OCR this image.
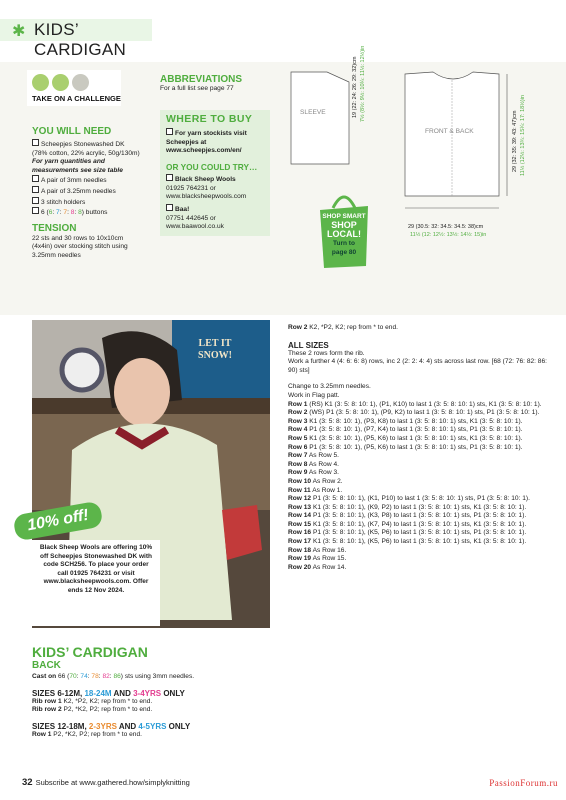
✱ KIDS’ CARDIGAN
TAKE ON A CHALLENGE
YOU WILL NEED
Scheepjes Stonewashed DK
(78% cotton, 22% acrylic, 50g/130m)
For yarn quantities and measurements see size table
A pair of 3mm needles
A pair of 3.25mm needles
3 stitch holders
6 (6: 7: 7: 8: 8) buttons
TENSION
22 sts and 30 rows to 10x10cm (4x4in) over stocking stitch using 3.25mm needles
ABBREVIATIONS
For a full list see page 77
WHERE TO BUY
For yarn stockists visit Scheepjes at www.scheepjes.com/en/
OR YOU COULD TRY…
Black Sheep Wools
01925 764231 or www.blacksheepwools.com
Baa!
07751 442645 or www.baawool.co.uk
SHOP SMART
SHOP
LOCAL!
Turn to
page 80
SLEEVE
FRONT & BACK
19 (22: 24: 26: 29: 32)cm 7½ (8½: 9½: 10¼: 11½: 12½)in
29 (32: 35: 39: 43: 47)cm 11½ (12½: 13¾: 15¼: 17: 18½)in
29 (30.5: 32: 34.5: 34.5: 38)cm
11½ (12: 12½: 13½: 14½: 15)in
LET IT
SNOW!
10% off!
Black Sheep Wools are offering 10% off Scheepjes Stonewashed DK with code SCH256. To place your order call 01925 764231 or visit www.blacksheepwools.com. Offer ends 12 Nov 2024.
KIDS’ CARDIGAN
BACK
Cast on 66 (70: 74: 78: 82: 86) sts using 3mm needles.
SIZES 6-12M, 18-24M AND 3-4YRS ONLY
Rib row 1 K2, *P2, K2; rep from * to end.
Rib row 2 P2, *K2, P2; rep from * to end.
SIZES 12-18M, 2-3YRS AND 4-5YRS ONLY
Row 1 P2, *K2, P2; rep from * to end.
Row 2 K2, *P2, K2; rep from * to end.
ALL SIZES
These 2 rows form the rib.
Work a further 4 (4: 6: 6: 8) rows, inc 2 (2: 2: 4: 4) sts across last row. [68 (72: 76: 82: 86: 90) sts]
Change to 3.25mm needles.
Work in Flag patt.
Row 1 (RS) K1 (3: 5: 8: 10: 1), (P1, K10) to last 1 (3: 5: 8: 10: 1) sts, K1 (3: 5: 8: 10: 1).
Row 2 (WS) P1 (3: 5: 8: 10: 1), (P9, K2) to last 1 (3: 5: 8: 10: 1) sts, P1 (3: 5: 8: 10: 1).
Row 3 K1 (3: 5: 8: 10: 1), (P3, K8) to last 1 (3: 5: 8: 10: 1) sts, K1 (3: 5: 8: 10: 1).
Row 4 P1 (3: 5: 8: 10: 1), (P7, K4) to last 1 (3: 5: 8: 10: 1) sts, P1 (3: 5: 8: 10: 1).
Row 5 K1 (3: 5: 8: 10: 1), (P5, K6) to last 1 (3: 5: 8: 10: 1) sts, K1 (3: 5: 8: 10: 1).
Row 6 P1 (3: 5: 8: 10: 1), (P5, K6) to last 1 (3: 5: 8: 10: 1) sts, P1 (3: 5: 8: 10: 1).
Row 7 As Row 5.
Row 8 As Row 4.
Row 9 As Row 3.
Row 10 As Row 2.
Row 11 As Row 1.
Row 12 P1 (3: 5: 8: 10: 1), (K1, P10) to last 1 (3: 5: 8: 10: 1) sts, P1 (3: 5: 8: 10: 1).
Row 13 K1 (3: 5: 8: 10: 1), (K9, P2) to last 1 (3: 5: 8: 10: 1) sts, K1 (3: 5: 8: 10: 1).
Row 14 P1 (3: 5: 8: 10: 1), (K3, P8) to last 1 (3: 5: 8: 10: 1) sts, P1 (3: 5: 8: 10: 1).
Row 15 K1 (3: 5: 8: 10: 1), (K7, P4) to last 1 (3: 5: 8: 10: 1) sts, K1 (3: 5: 8: 10: 1).
Row 16 P1 (3: 5: 8: 10: 1), (K5, P6) to last 1 (3: 5: 8: 10: 1) sts, P1 (3: 5: 8: 10: 1).
Row 17 K1 (3: 5: 8: 10: 1), (K5, P6) to last 1 (3: 5: 8: 10: 1) sts, K1 (3: 5: 8: 10: 1).
Row 18 As Row 16.
Row 19 As Row 15.
Row 20 As Row 14.
32 Subscribe at www.gathered.how/simplyknitting	PassionForum.ru
